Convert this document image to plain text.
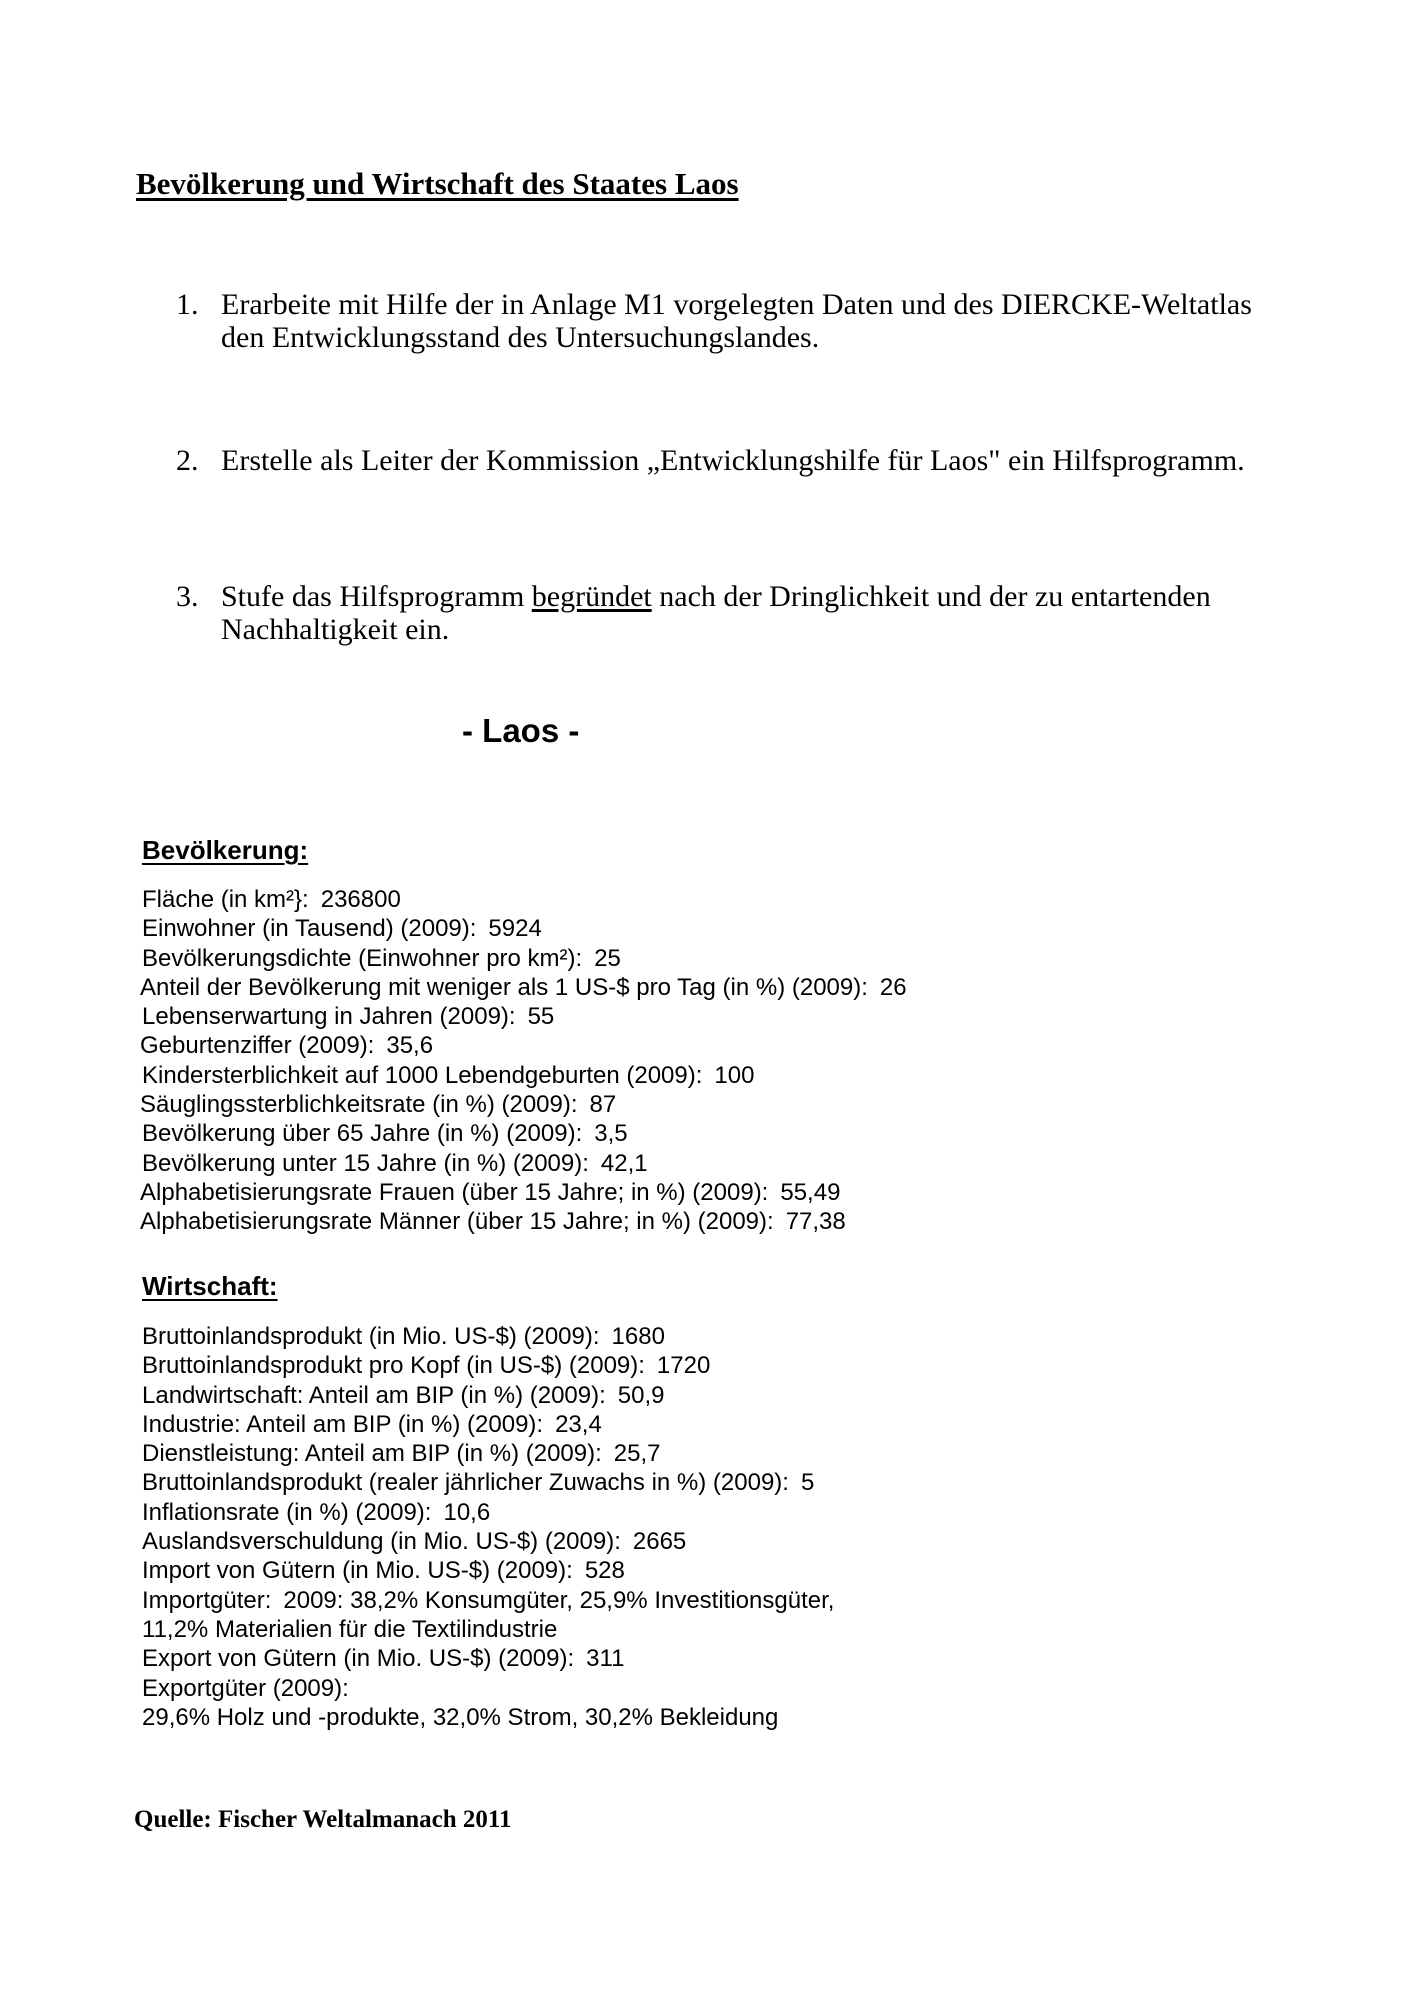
Bevölkerung und Wirtschaft des Staates Laos
1. Erarbeite mit Hilfe der in Anlage M1 vorgelegten Daten und des DIERCKE-Weltatlas den Entwicklungsstand des Untersuchungslandes.
2. Erstelle als Leiter der Kommission „Entwicklungshilfe für Laos" ein Hilfsprogramm.
3. Stufe das Hilfsprogramm begründet nach der Dringlichkeit und der zu entartenden Nachhaltigkeit ein.
- Laos -
Bevölkerung:
Fläche (in km²}: 236800
Einwohner (in Tausend) (2009): 5924
Bevölkerungsdichte (Einwohner pro km²): 25
Anteil der Bevölkerung mit weniger als 1 US-$ pro Tag (in %) (2009): 26
Lebenserwartung in Jahren (2009): 55
Geburtenziffer (2009): 35,6
Kindersterblichkeit auf 1000 Lebendgeburten (2009): 100
Säuglingssterblichkeitsrate (in %) (2009): 87
Bevölkerung über 65 Jahre (in %) (2009): 3,5
Bevölkerung unter 15 Jahre (in %) (2009): 42,1
Alphabetisierungsrate Frauen (über 15 Jahre; in %) (2009): 55,49
Alphabetisierungsrate Männer (über 15 Jahre; in %) (2009): 77,38
Wirtschaft:
Bruttoinlandsprodukt (in Mio. US-$) (2009): 1680
Bruttoinlandsprodukt pro Kopf (in US-$) (2009): 1720
Landwirtschaft: Anteil am BIP (in %) (2009): 50,9
Industrie: Anteil am BIP (in %) (2009): 23,4
Dienstleistung: Anteil am BIP (in %) (2009): 25,7
Bruttoinlandsprodukt (realer jährlicher Zuwachs in %) (2009): 5
Inflationsrate (in %) (2009): 10,6
Auslandsverschuldung (in Mio. US-$) (2009): 2665
Import von Gütern (in Mio. US-$) (2009): 528
Importgüter: 2009: 38,2% Konsumgüter, 25,9% Investitionsgüter,
11,2% Materialien für die Textilindustrie
Export von Gütern (in Mio. US-$) (2009): 311
Exportgüter (2009):
29,6% Holz und -produkte, 32,0% Strom, 30,2% Bekleidung
Quelle: Fischer Weltalmanach 2011
